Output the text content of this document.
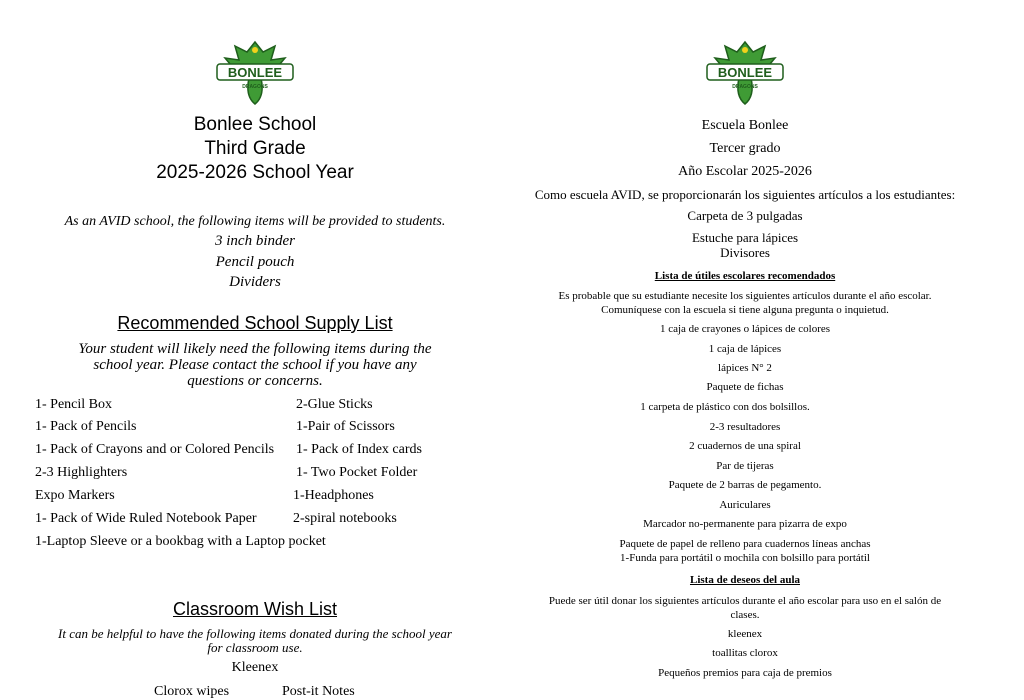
BONLEE
DRAGONS
Bonlee School
Third Grade
2025-2026 School Year
As an AVID school, the following items will be provided to students.
3 inch binder
Pencil pouch
Dividers
Recommended School Supply List
Your student will likely need the following items during the
school year. Please contact the school if you have any
questions or concerns.
1- Pencil Box
1- Pack of Pencils
1- Pack of Crayons and or Colored Pencils
2-3 Highlighters
Expo Markers
1- Pack of Wide Ruled Notebook Paper
1-Laptop Sleeve or a bookbag with a Laptop pocket
2-Glue Sticks
1-Pair of Scissors
1- Pack of Index cards
1- Two Pocket Folder
1-Headphones
2-spiral notebooks
Classroom Wish List
It can be helpful to have the following items donated during the school year
for classroom use.
Kleenex
Clorox wipes	Post-it Notes
BONLEE
DRAGONS
Escuela Bonlee
Tercer grado
Año Escolar 2025-2026
Como escuela AVID, se proporcionarán los siguientes artículos a los estudiantes:
Carpeta de 3 pulgadas
Estuche para lápices
Divisores
Lista de útiles escolares recomendados
Es probable que su estudiante necesite los siguientes artículos durante el año escolar.
Comuníquese con la escuela si tiene alguna pregunta o inquietud.
1 caja de crayones o lápices de colores
1 caja de lápices
lápices N° 2
Paquete de fichas
1 carpeta de plástico con dos bolsillos.
2-3 resultadores
2 cuadernos de una spiral
Par de tijeras
Paquete de 2 barras de pegamento.
Auriculares
Marcador no-permanente para pizarra de expo
Paquete de papel de relleno para cuadernos líneas anchas
1-Funda para portátil o mochila con bolsillo para portátil
Lista de deseos del aula
Puede ser útil donar los siguientes artículos durante el año escolar para uso en el salón de
clases.
kleenex
toallitas clorox
Pequeños premios para caja de premios
